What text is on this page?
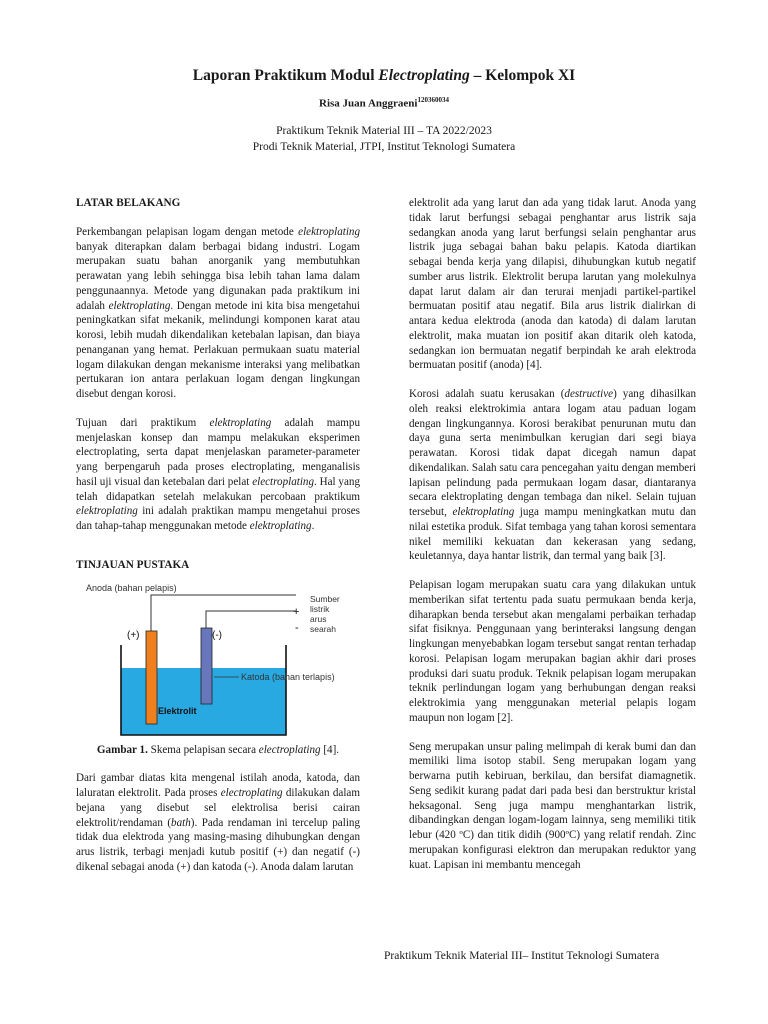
Laporan Praktikum Modul Electroplating – Kelompok XI
Risa Juan Anggraeni$^{120360034}$
Praktikum Teknik Material III – TA 2022/2023
Prodi Teknik Material, JTPI, Institut Teknologi Sumatera
LATAR BELAKANG

Perkembangan pelapisan logam dengan metode elektroplating banyak diterapkan dalam berbagai bidang industri. Logam merupakan suatu bahan anorganik yang membutuhkan perawatan yang lebih sehingga bisa lebih tahan lama dalam penggunaannya. Metode yang digunakan pada praktikum ini adalah elektroplating. Dengan metode ini kita bisa mengetahui peningkatkan sifat mekanik, melindungi komponen karat atau korosi, lebih mudah dikendalikan ketebalan lapisan, dan biaya penanganan yang hemat. Perlakuan permukaan suatu material logam dilakukan dengan mekanisme interaksi yang melibatkan pertukaran ion antara perlakuan logam dengan lingkungan disebut dengan korosi.

Tujuan dari praktikum elektroplating adalah mampu menjelaskan konsep dan mampu melakukan eksperimen electroplating, serta dapat menjelaskan parameter-parameter yang berpengaruh pada proses electroplating, menganalisis hasil uji visual dan ketebalan dari pelat electroplating. Hal yang telah didapatkan setelah melakukan percobaan praktikum elektroplating ini adalah praktikan mampu mengetahui proses dan tahap-tahap menggunakan metode elektroplating.

TINJAUAN PUSTAKA
Anoda (bahan pelapis)
(+)	(-)
+
-
Sumber
listrik
arus
searah
Katoda (bahan terlapis)
Elektrolit

Gambar 1. Skema pelapisan secara electroplating [4].

Dari gambar diatas kita mengenal istilah anoda, katoda, dan laluratan elektrolit. Pada proses electroplating dilakukan dalam bejana yang disebut sel elektrolisa berisi cairan elektrolit/rendaman (bath). Pada rendaman ini tercelup paling tidak dua elektroda yang masing-masing dihubungkan dengan arus listrik, terbagi menjadi kutub positif (+) dan negatif (-) dikenal sebagai anoda (+) dan katoda (-). Anoda dalam larutan

elektrolit ada yang larut dan ada yang tidak larut. Anoda yang tidak larut berfungsi sebagai penghantar arus listrik saja sedangkan anoda yang larut berfungsi selain penghantar arus listrik juga sebagai bahan baku pelapis. Katoda diartikan sebagai benda kerja yang dilapisi, dihubungkan kutub negatif sumber arus listrik. Elektrolit berupa larutan yang molekulnya dapat larut dalam air dan terurai menjadi partikel-partikel bermuatan positif atau negatif. Bila arus listrik dialirkan di antara kedua elektroda (anoda dan katoda) di dalam larutan elektrolit, maka muatan ion positif akan ditarik oleh katoda, sedangkan ion bermuatan negatif berpindah ke arah elektroda bermuatan positif (anoda) [4].

Korosi adalah suatu kerusakan (destructive) yang dihasilkan oleh reaksi elektrokimia antara logam atau paduan logam dengan lingkungannya. Korosi berakibat penurunan mutu dan daya guna serta menimbulkan kerugian dari segi biaya perawatan. Korosi tidak dapat dicegah namun dapat dikendalikan. Salah satu cara pencegahan yaitu dengan memberi lapisan pelindung pada permukaan logam dasar, diantaranya secara elektroplating dengan tembaga dan nikel. Selain tujuan tersebut, elektroplating juga mampu meningkatkan mutu dan nilai estetika produk. Sifat tembaga yang tahan korosi sementara nikel memiliki kekuatan dan kekerasan yang sedang, keuletannya, daya hantar listrik, dan termal yang baik [3].

Pelapisan logam merupakan suatu cara yang dilakukan untuk memberikan sifat tertentu pada suatu permukaan benda kerja, diharapkan benda tersebut akan mengalami perbaikan terhadap sifat fisiknya. Penggunaan yang berinteraksi langsung dengan lingkungan menyebabkan logam tersebut sangat rentan terhadap korosi. Pelapisan logam merupakan bagian akhir dari proses produksi dari suatu produk. Teknik pelapisan logam merupakan teknik perlindungan logam yang berhubungan dengan reaksi elektrokimia yang menggunakan meterial pelapis logam maupun non logam [2].

Seng merupakan unsur paling melimpah di kerak bumi dan dan memiliki lima isotop stabil. Seng merupakan logam yang berwarna putih kebiruan, berkilau, dan bersifat diamagnetik. Seng sedikit kurang padat dari pada besi dan berstruktur kristal heksagonal. Seng juga mampu menghantarkan listrik, dibandingkan dengan logam-logam lainnya, seng memiliki titik lebur (420 ºC) dan titik didih (900ºC) yang relatif rendah. Zinc merupakan konfigurasi elektron dan merupakan reduktor yang kuat. Lapisan ini membantu mencegah

Praktikum Teknik Material III– Institut Teknologi Sumatera
